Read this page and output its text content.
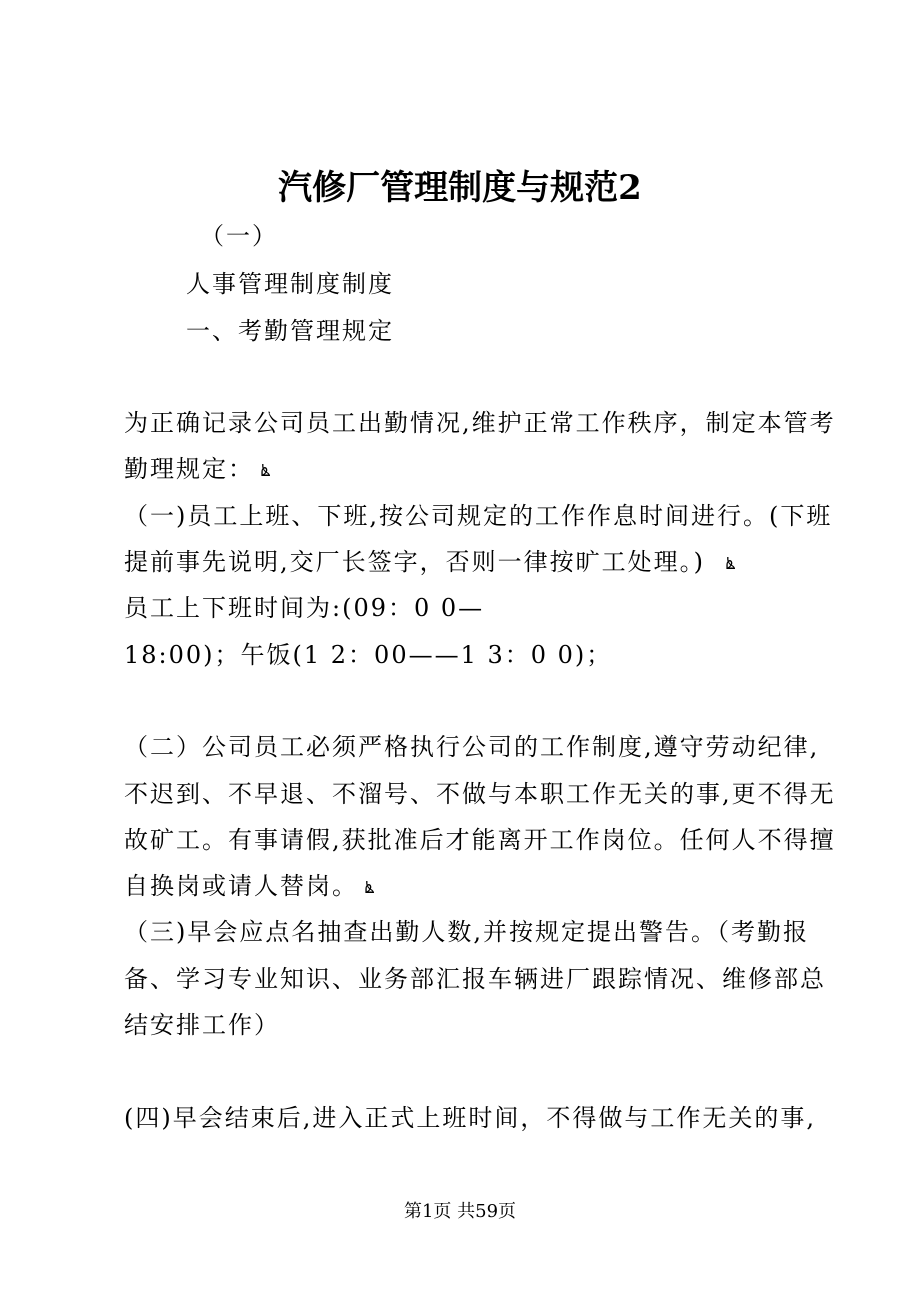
汽修厂管理制度与规范2
（一）
人事管理制度制度
一、考勤管理规定
为正确记录公司员工出勤情况,维护正常工作秩序，制定本管考
勤理规定： ൔ
（一)员工上班、下班,按公司规定的工作作息时间进行。(下班
提前事先说明,交厂长签字，否则一律按旷工处理。) ൔ
员工上下班时间为:(09：0 0—
18:00)；午饭(1 2：00——1 3：0 0)；
（二）公司员工必须严格执行公司的工作制度,遵守劳动纪律,
不迟到、不早退、不溜号、不做与本职工作无关的事,更不得无
故矿工。有事请假,获批准后才能离开工作岗位。任何人不得擅
自换岗或请人替岗。 ൔ
（三)早会应点名抽查出勤人数,并按规定提出警告。（考勤报
备、学习专业知识、业务部汇报车辆进厂跟踪情况、维修部总
结安排工作）
(四)早会结束后,进入正式上班时间，不得做与工作无关的事,
第1页 共59页
